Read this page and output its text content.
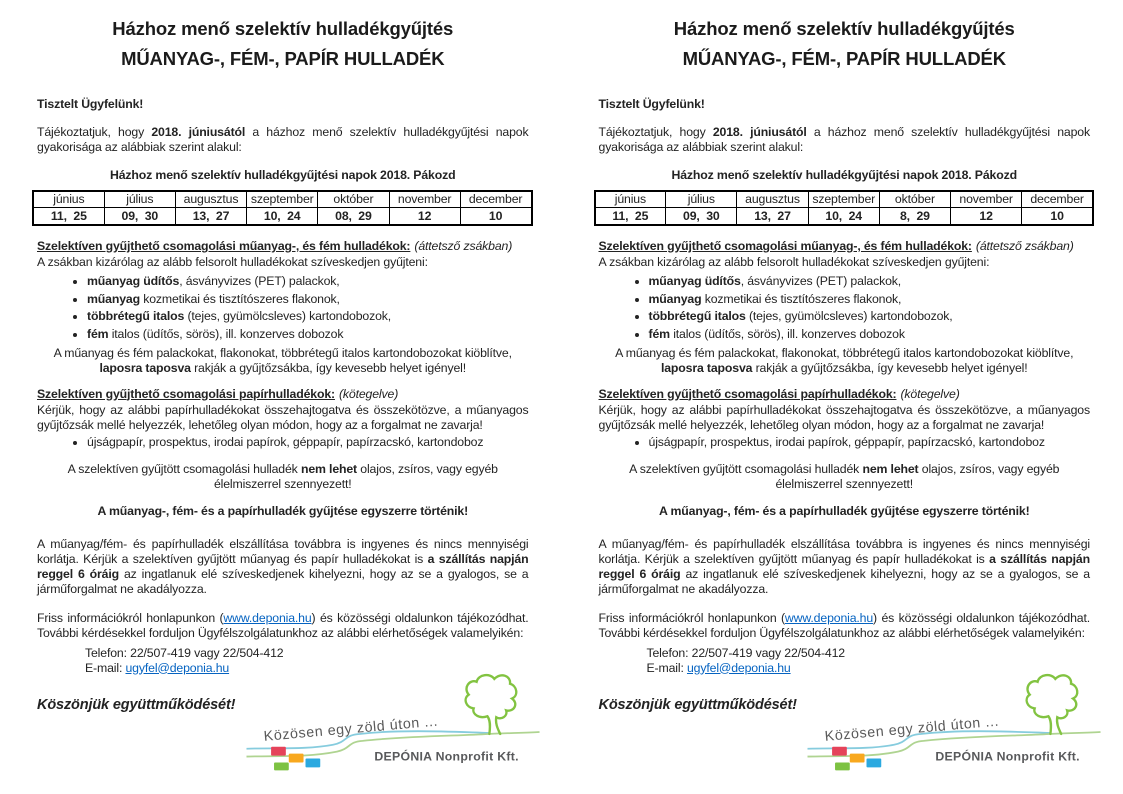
Házhoz menő szelektív hulladékgyűjtés
MŰANYAG-, FÉM-, PAPÍR HULLADÉK

Tisztelt Ügyfelünk!

Tájékoztatjuk, hogy 2018. júniusától a házhoz menő szelektív hulladékgyűjtési napok gyakorisága az alábbiak szerint alakul:

Házhoz menő szelektív hulladékgyűjtési napok 2018. Pákozd

június	július	augusztus	szeptember	október	november	december
11,  25	09,  30	13,  27	10,  24	08,  29	12	10

Szelektíven gyűjthető csomagolási műanyag-, és fém hulladékok: (áttetsző zsákban)

A zsákban kizárólag az alább felsorolt hulladékokat szíveskedjen gyűjteni:

• műanyag üdítős, ásványvizes (PET) palackok,
• műanyag kozmetikai és tisztítószeres flakonok,
• többrétegű italos (tejes, gyümölcsleves) kartondobozok,
• fém italos (üdítős, sörös), ill. konzerves dobozok

A műanyag és fém palackokat, flakonokat, többrétegű italos kartondobozokat kiöblítve,
laposra taposva rakják a gyűjtőzsákba, így kevesebb helyet igényel!

Szelektíven gyűjthető csomagolási papírhulladékok: (kötegelve)

Kérjük, hogy az alábbi papírhulladékokat összehajtogatva és összekötözve, a műanyagos gyűjtőzsák mellé helyezzék, lehetőleg olyan módon, hogy az a forgalmat ne zavarja!

• újságpapír, prospektus, irodai papírok, géppapír, papírzacskó, kartondoboz

A szelektíven gyűjtött csomagolási hulladék nem lehet olajos, zsíros, vagy egyéb
élelmiszerrel szennyezett!

A műanyag-, fém- és a papírhulladék gyűjtése egyszerre történik!

A műanyag/fém- és papírhulladék elszállítása továbbra is ingyenes és nincs mennyiségi korlátja. Kérjük a szelektíven gyűjtött műanyag és papír hulladékokat is a szállítás napján reggel 6 óráig az ingatlanuk elé szíveskedjenek kihelyezni, hogy az se a gyalogos, se a járműforgalmat ne akadályozza.

Friss információkról honlapunkon (www.deponia.hu) és közösségi oldalunkon tájékozódhat. További kérdésekkel forduljon Ügyfélszolgálatunkhoz az alábbi elérhetőségek valamelyikén:

Telefon: 22/507-419 vagy 22/504-412

E-mail: ugyfel@deponia.hu

Köszönjük együttműködését!

Közösen egy zöld úton ...
DEPÓNIA Nonprofit Kft.
Házhoz menő szelektív hulladékgyűjtés
MŰANYAG-, FÉM-, PAPÍR HULLADÉK

Tisztelt Ügyfelünk!

Tájékoztatjuk, hogy 2018. júniusától a házhoz menő szelektív hulladékgyűjtési napok gyakorisága az alábbiak szerint alakul:

Házhoz menő szelektív hulladékgyűjtési napok 2018. Pákozd

június	július	augusztus	szeptember	október	november	december
11,  25	09,  30	13,  27	10,  24	8,  29	12	10

Szelektíven gyűjthető csomagolási műanyag-, és fém hulladékok: (áttetsző zsákban)

A zsákban kizárólag az alább felsorolt hulladékokat szíveskedjen gyűjteni:

• műanyag üdítős, ásványvizes (PET) palackok,
• műanyag kozmetikai és tisztítószeres flakonok,
• többrétegű italos (tejes, gyümölcsleves) kartondobozok,
• fém italos (üdítős, sörös), ill. konzerves dobozok

A műanyag és fém palackokat, flakonokat, többrétegű italos kartondobozokat kiöblítve,
laposra taposva rakják a gyűjtőzsákba, így kevesebb helyet igényel!

Szelektíven gyűjthető csomagolási papírhulladékok: (kötegelve)

Kérjük, hogy az alábbi papírhulladékokat összehajtogatva és összekötözve, a műanyagos gyűjtőzsák mellé helyezzék, lehetőleg olyan módon, hogy az a forgalmat ne zavarja!

• újságpapír, prospektus, irodai papírok, géppapír, papírzacskó, kartondoboz

A szelektíven gyűjtött csomagolási hulladék nem lehet olajos, zsíros, vagy egyéb
élelmiszerrel szennyezett!

A műanyag-, fém- és a papírhulladék gyűjtése egyszerre történik!

A műanyag/fém- és papírhulladék elszállítása továbbra is ingyenes és nincs mennyiségi korlátja. Kérjük a szelektíven gyűjtött műanyag és papír hulladékokat is a szállítás napján reggel 6 óráig az ingatlanuk elé szíveskedjenek kihelyezni, hogy az se a gyalogos, se a járműforgalmat ne akadályozza.

Friss információkról honlapunkon (www.deponia.hu) és közösségi oldalunkon tájékozódhat. További kérdésekkel forduljon Ügyfélszolgálatunkhoz az alábbi elérhetőségek valamelyikén:

Telefon: 22/507-419 vagy 22/504-412

E-mail: ugyfel@deponia.hu

Köszönjük együttműködését!

Közösen egy zöld úton ...
DEPÓNIA Nonprofit Kft.
